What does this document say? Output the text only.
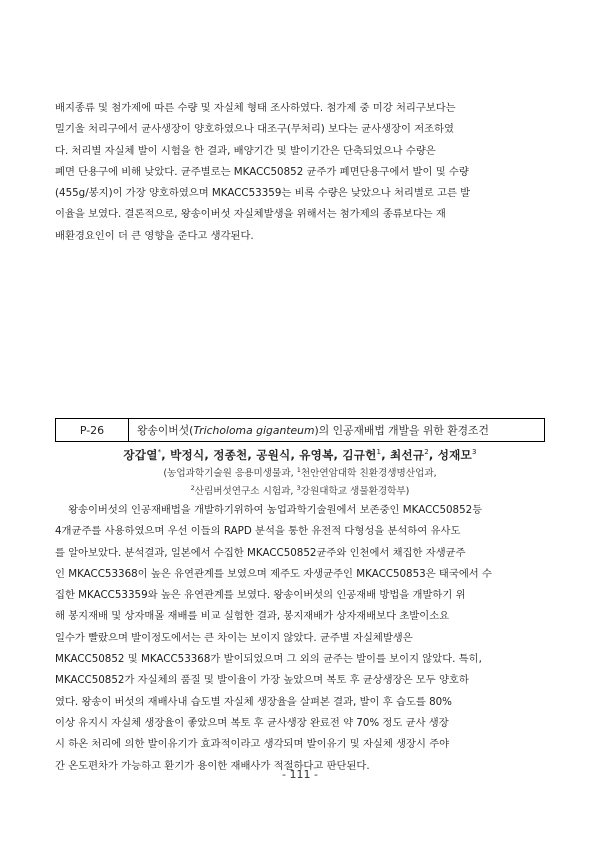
배지종류 및 첨가제에 따른 수량 및 자실체 형태 조사하였다. 첨가제 중 미강 처리구보다는
밀기울 처리구에서 균사생장이 양호하였으나 대조구(무처리) 보다는 균사생장이 저조하였
다. 처리별 자실체 발이 시험을 한 결과, 배양기간 및 발이기간은 단축되었으나 수량은
폐면 단용구에 비해 낮았다. 균주별로는 MKACC50852 균주가 폐면단용구에서 발이 및 수량
(455g/봉지)이 가장 양호하였으며 MKACC53359는 비록 수량은 낮았으나 처리별로 고른 발
이율을 보였다. 결론적으로, 왕송이버섯 자실체발생을 위해서는 첨가제의 종류보다는 재
배환경요인이 더 큰 영향을 준다고 생각된다.
P-26	왕송이버섯(Tricholoma giganteum)의 인공재배법 개발을 위한 환경조건
장갑열*, 박정식, 정종천, 공원식, 유영복, 김규헌$^1$, 최선규$^2$, 성재모$^3$
(농업과학기술원 응용미생물과, $^1$천안연암대학 친환경생명산업과,
$^2$산림버섯연구소 시험과, $^3$강원대학교 생물환경학부)
왕송이버섯의 인공재배법을 개발하기위하여 농업과학기술원에서 보존중인 MKACC50852등
4개균주를 사용하였으며 우선 이들의 RAPD 분석을 통한 유전적 다형성을 분석하여 유사도
를 알아보았다. 분석결과, 일본에서 수집한 MKACC50852균주와 인천에서 채집한 자생균주
인 MKACC53368이 높은 유연관계를 보였으며 제주도 자생균주인 MKACC50853은 태국에서 수
집한 MKACC53359와 높은 유연관계를 보였다. 왕송이버섯의 인공재배 방법을 개발하기 위
해 봉지재배 및 상자매몰 재배를 비교 실험한 결과, 봉지재배가 상자재배보다 초발이소요
일수가 빨랐으며 발이정도에서는 큰 차이는 보이지 않았다. 균주별 자실체발생은
MKACC50852 및 MKACC53368가 발이되었으며 그 외의 균주는 발이를 보이지 않았다. 특히,
MKACC50852가 자실체의 품질 및 발이율이 가장 높았으며 복토 후 균상생장은 모두 양호하
였다. 왕송이 버섯의 재배사내 습도별 자실체 생장율을 살펴본 결과, 발이 후 습도를 80%
이상 유지시 자실체 생장율이 좋았으며 복토 후 균사생장 완료전 약 70% 정도 균사 생장
시 하온 처리에 의한 발이유기가 효과적이라고 생각되며 발이유기 및 자실체 생장시 주야
간 온도편차가 가능하고 환기가 용이한 재배사가 적절하다고 판단된다.
- 111 -
